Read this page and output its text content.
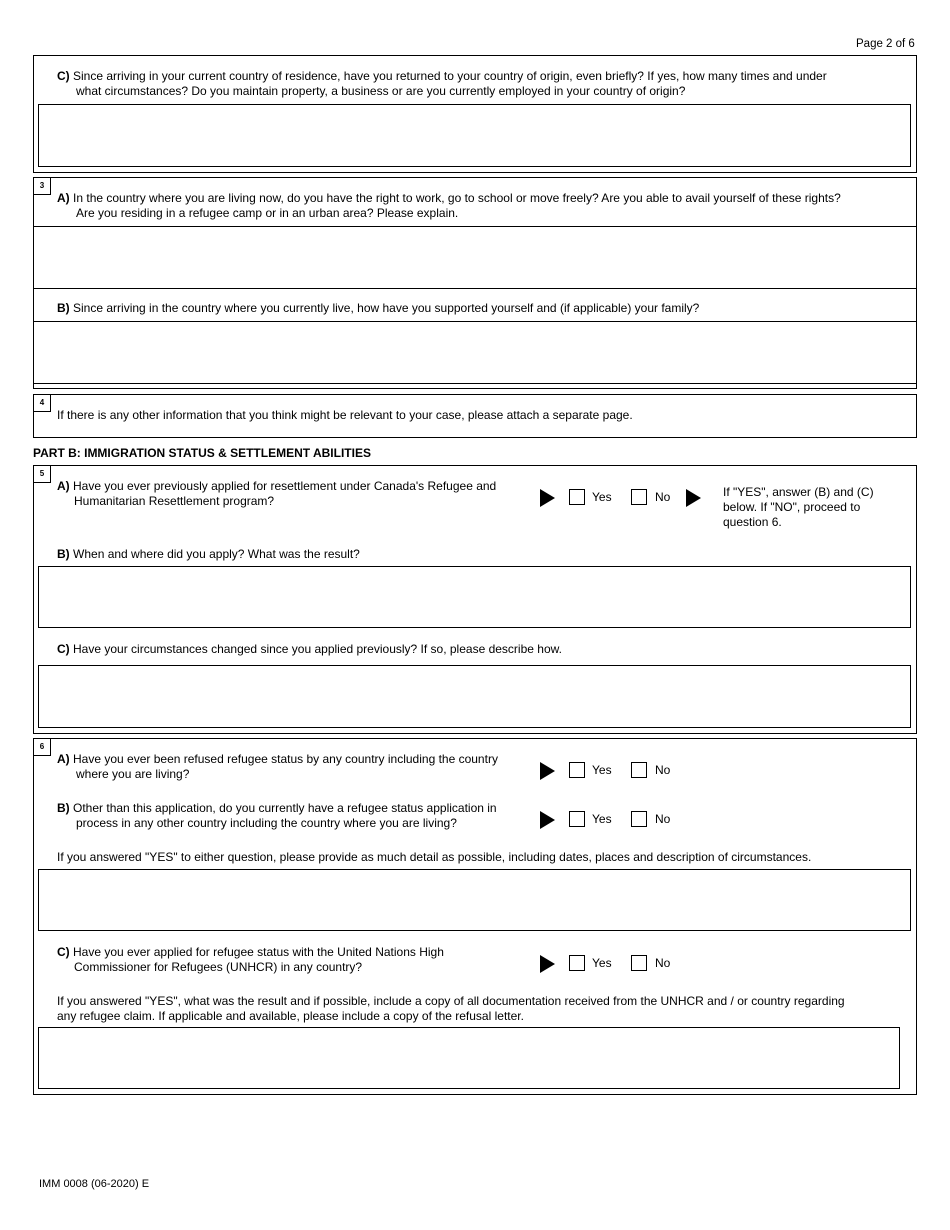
Page 2 of 6
C) Since arriving in your current country of residence, have you returned to your country of origin, even briefly? If yes, how many times and under
what circumstances? Do you maintain property, a business or are you currently employed in your country of origin?
3
A) In the country where you are living now, do you have the right to work, go to school or move freely? Are you able to avail yourself of these rights?
Are you residing in a refugee camp or in an urban area? Please explain.
B) Since arriving in the country where you currently live, how have you supported yourself and (if applicable) your family?
4
If there is any other information that you think might be relevant to your case, please attach a separate page.
PART B: IMMIGRATION STATUS & SETTLEMENT ABILITIES
5
A) Have you ever previously applied for resettlement under Canada's Refugee and
Humanitarian Resettlement program?	Yes	No	If "YES", answer (B) and (C)
below. If "NO", proceed to
question 6.
B) When and where did you apply? What was the result?
C) Have your circumstances changed since you applied previously? If so, please describe how.
6
A) Have you ever been refused refugee status by any country including the country
where you are living?	Yes	No
B) Other than this application, do you currently have a refugee status application in
process in any other country including the country where you are living?	Yes	No
If you answered "YES" to either question, please provide as much detail as possible, including dates, places and description of circumstances.
C) Have you ever applied for refugee status with the United Nations High
Commissioner for Refugees (UNHCR) in any country?	Yes	No
If you answered "YES", what was the result and if possible, include a copy of all documentation received from the UNHCR and / or country regarding
any refugee claim. If applicable and available, please include a copy of the refusal letter.
IMM 0008 (06-2020) E
